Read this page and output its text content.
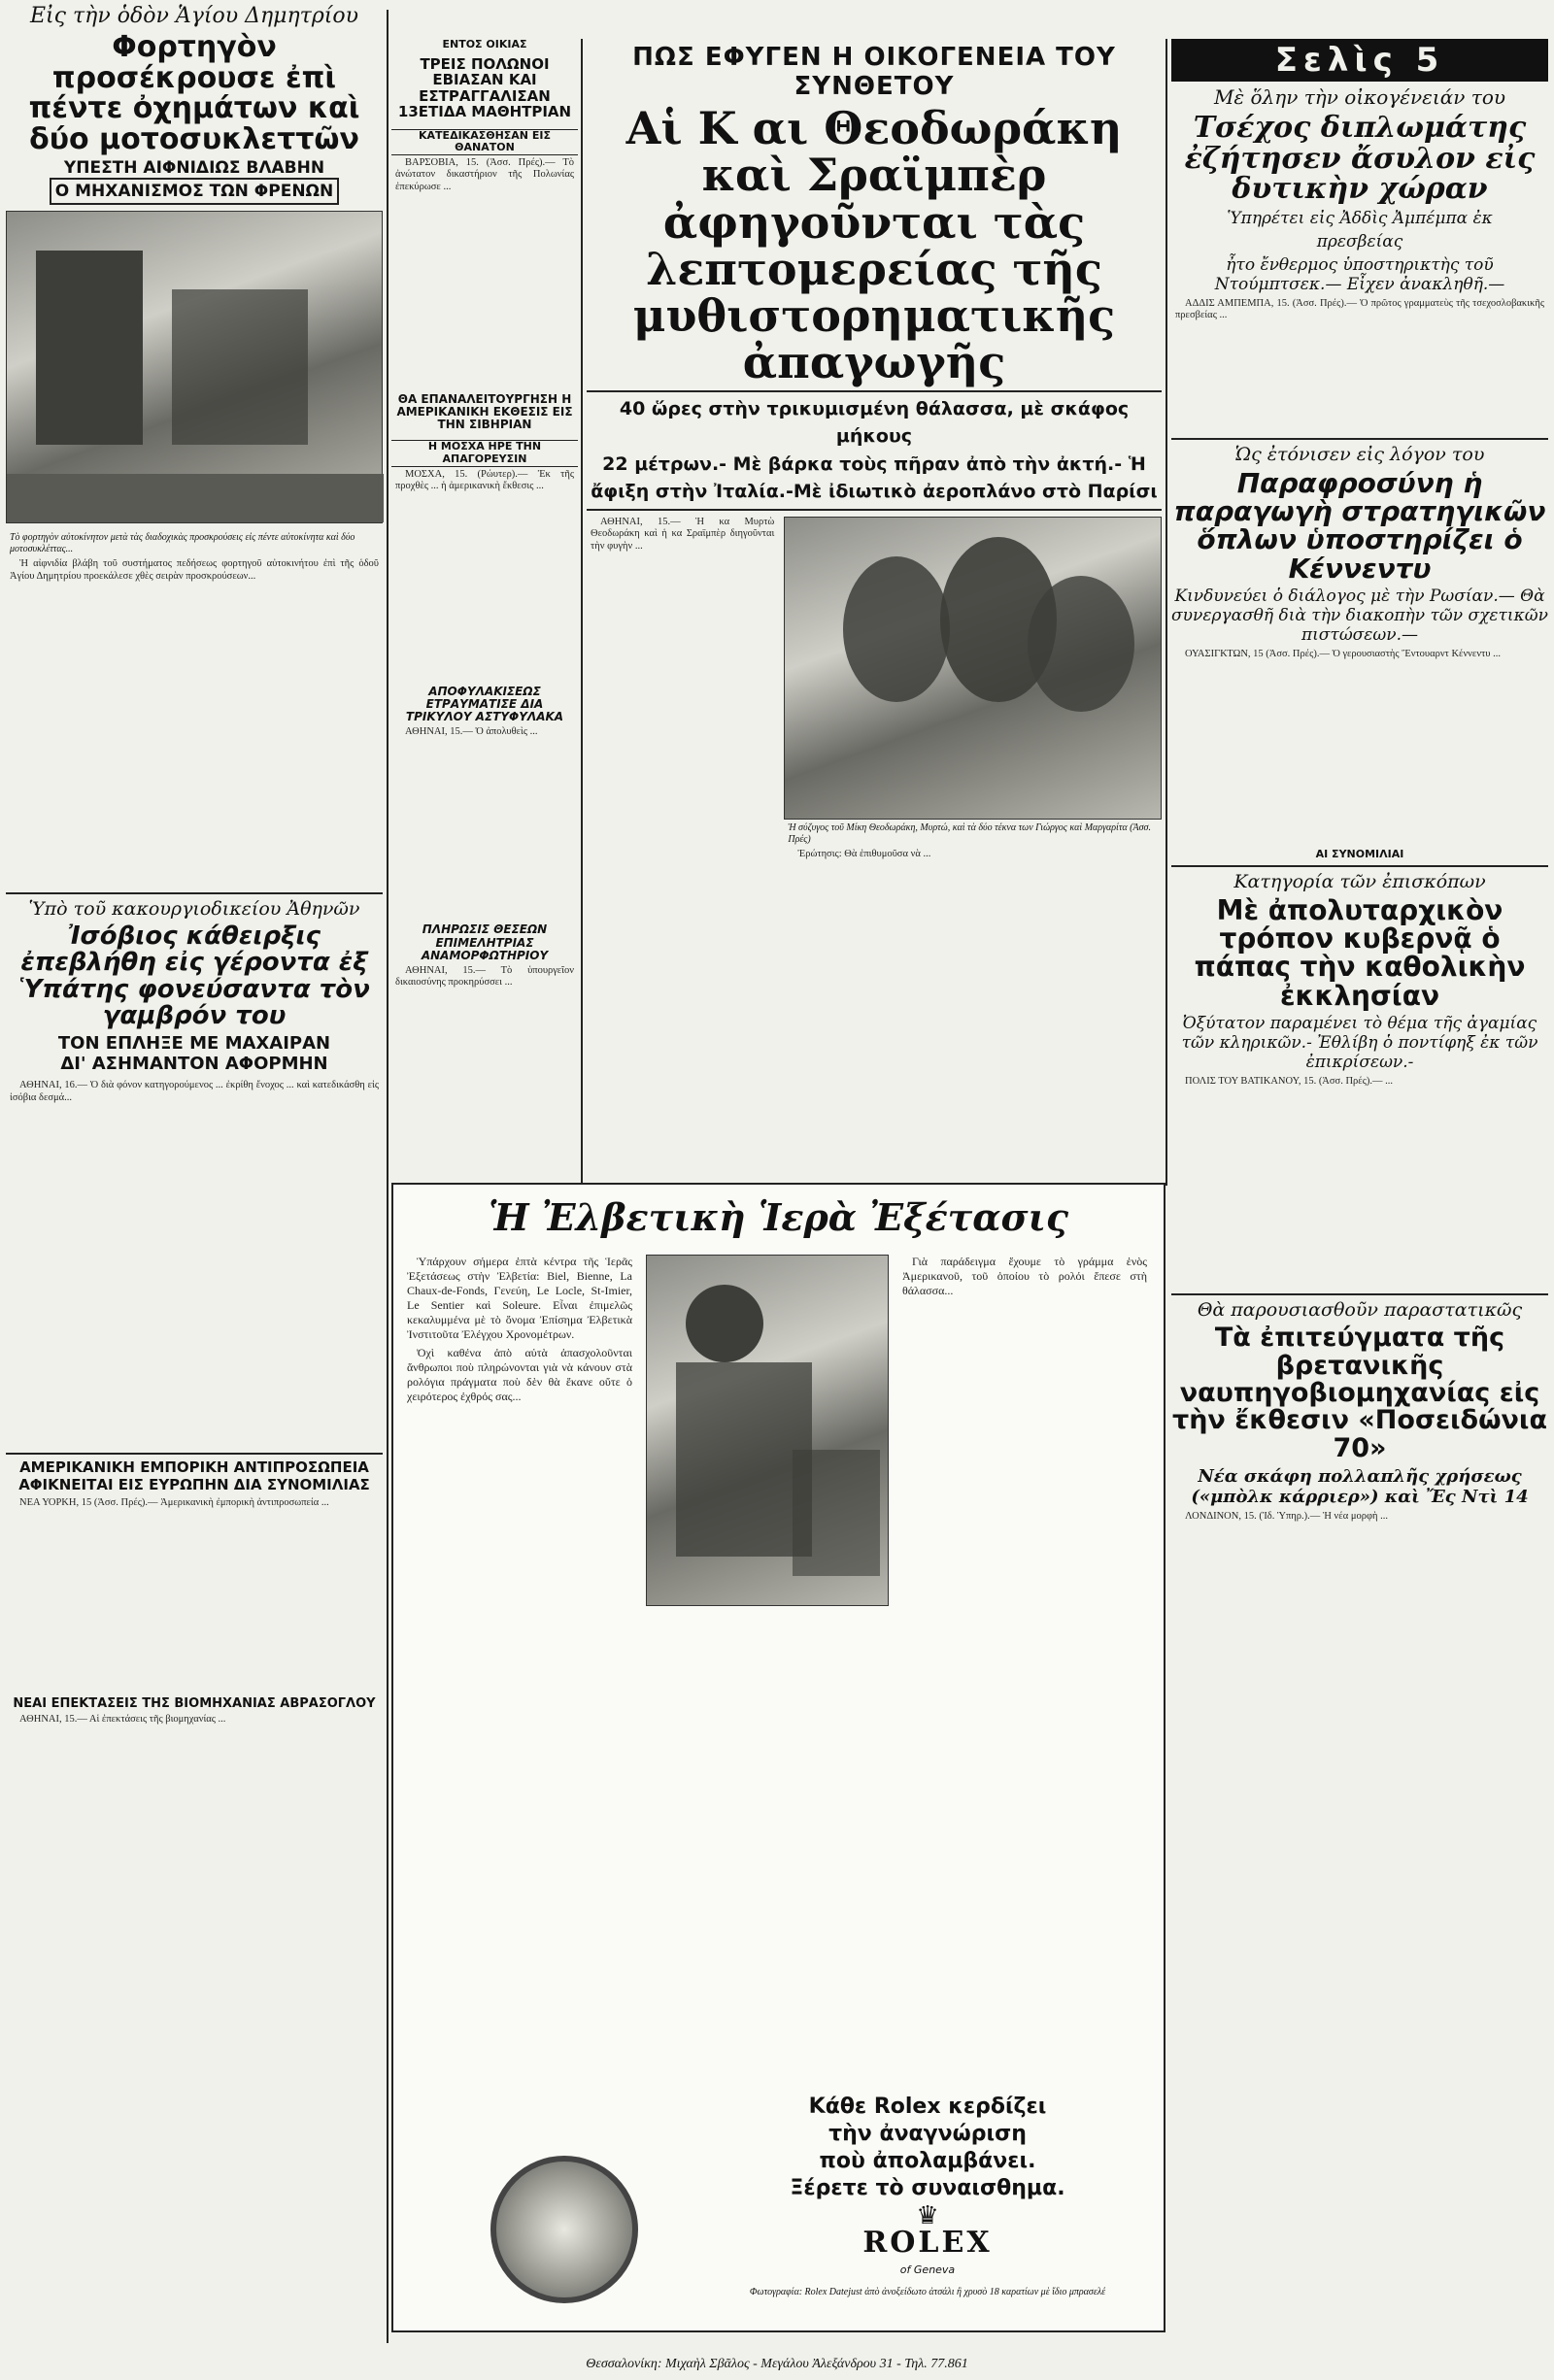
Εἰς τὴν ὁδὸν Ἁγίου Δημητρίου
Φορτηγὸν προσέκρουσε ἐπὶ πέντε ὀχημάτων καὶ δύο μοτοσυκλεττῶν
ΥΠΕΣΤΗ ΑΙΦΝΙΔΙΩΣ ΒΛΑΒΗΝ
Ο ΜΗΧΑΝΙΣΜΟΣ ΤΩΝ ΦΡΕΝΩΝ
Τὸ φορτηγὸν αὐτοκίνητον μετὰ τὰς διαδοχικὰς προσκρούσεις εἰς πέντε αὐτοκίνητα καὶ δύο μοτοσυκλέττας...

Ἡ αἰφνιδία βλάβη τοῦ συστήματος πεδήσεως φορτηγοῦ αὐτοκινήτου ἐπὶ τῆς ὁδοῦ Ἁγίου Δημητρίου προεκάλεσε χθὲς σειρὰν προσκρούσεων...

Ὑπὸ τοῦ κακουργιοδικείου Ἀθηνῶν
Ἰσόβιος κάθειρξις ἐπεβλήθη εἰς γέροντα ἐξ Ὑπάτης φονεύσαντα τὸν γαμβρόν του
ΤΟΝ ΕΠΛΗΞΕ ΜΕ ΜΑΧΑΙΡΑΝ
ΔΙ' ΑΣΗΜΑΝΤΟΝ ΑΦΟΡΜΗΝ

ΑΘΗΝΑΙ, 16.— Ὁ διὰ φόνον κατηγορούμενος ... ἐκρίθη ἔνοχος ... καὶ κατεδικάσθη εἰς ἰσόβια δεσμά...

ΑΜΕΡΙΚΑΝΙΚΗ ΕΜΠΟΡΙΚΗ ΑΝΤΙΠΡΟΣΩΠΕΙΑ ΑΦΙΚΝΕΙΤΑΙ ΕΙΣ ΕΥΡΩΠΗΝ ΔΙΑ ΣΥΝΟΜΙΛΙΑΣ

ΝΕΑ ΥΟΡΚΗ, 15 (Ἀσσ. Πρές).— Ἀμερικανικὴ ἐμπορικὴ ἀντιπροσωπεία ...

ΝΕΑΙ ΕΠΕΚΤΑΣΕΙΣ ΤΗΣ ΒΙΟΜΗΧΑΝΙΑΣ ΑΒΡΑΣΟΓΛΟΥ

ΑΘΗΝΑΙ, 15.— Αἱ ἐπεκτάσεις τῆς βιομηχανίας ...

ΕΝΤΟΣ ΟΙΚΙΑΣ
ΤΡΕΙΣ ΠΟΛΩΝΟΙ ΕΒΙΑΣΑΝ ΚΑΙ ΕΣΤΡΑΓΓΑΛΙΣΑΝ 13ΕΤΙΔΑ ΜΑΘΗΤΡΙΑΝ
ΚΑΤΕΔΙΚΑΣΘΗΣΑΝ ΕΙΣ ΘΑΝΑΤΟΝ

ΒΑΡΣΟΒΙΑ, 15. (Ἀσσ. Πρές).— Τὸ ἀνώτατον δικαστήριον τῆς Πολωνίας ἐπεκύρωσε ...

ΘΑ ΕΠΑΝΑΛΕΙΤΟΥΡΓΗΣΗ Η ΑΜΕΡΙΚΑΝΙΚΗ ΕΚΘΕΣΙΣ ΕΙΣ ΤΗΝ ΣΙΒΗΡΙΑΝ
Η ΜΟΣΧΑ ΗΡΕ ΤΗΝ ΑΠΑΓΟΡΕΥΣΙΝ

ΜΟΣΧΑ, 15. (Ρώυτερ).— Ἐκ τῆς προχθὲς ... ἡ ἀμερικανικὴ ἔκθεσις ...

ΑΠΟΦΥΛΑΚΙΣΕΩΣ ΕΤΡΑΥΜΑΤΙΣΕ ΔΙΑ ΤΡΙΚΥΛΟΥ ΑΣΤΥΦΥΛΑΚΑ

ΑΘΗΝΑΙ, 15.— Ὁ ἀπολυθεὶς ...

ΠΛΗΡΩΣΙΣ ΘΕΣΕΩΝ ΕΠΙΜΕΛΗΤΡΙΑΣ ΑΝΑΜΟΡΦΩΤΗΡΙΟΥ

ΑΘΗΝΑΙ, 15.— Τὸ ὑπουργεῖον δικαιοσύνης προκηρύσσει ...

ΠΩΣ ΕΦΥΓΕΝ Η ΟΙΚΟΓΕΝΕΙΑ ΤΟΥ ΣΥΝΘΕΤΟΥ
Αἱ Κ αι Θεοδωράκη καὶ Σραϊμπὲρ ἀφηγοῦνται τὰς λεπτομερείας τῆς μυθιστορηματικῆς ἀπαγωγῆς
40 ὥρες στὴν τρικυμισμένη θάλασσα, μὲ σκάφος μήκους
22 μέτρων.- Μὲ βάρκα τοὺς πῆραν ἀπὸ τὴν ἀκτή.- Ἡ
ἄφιξη στὴν Ἰταλία.-Μὲ ἰδιωτικὸ ἀεροπλάνο στὸ Παρίσι

ΑΘΗΝΑΙ, 15.— Ἡ κα Μυρτὼ Θεοδωράκη καὶ ἡ κα Σραϊμπὲρ διηγοῦνται τὴν φυγὴν ...

Ἡ σύζυγος τοῦ Μίκη Θεοδωράκη, Μυρτώ, καὶ τὰ δύο τέκνα των Γιώργος καὶ Μαργαρίτα (Ἀσσ. Πρές)

Ἐρώτησις: Θὰ ἐπιθυμοῦσα νὰ ...

Σελὶς 5
Μὲ ὅλην τὴν οἰκογένειάν του
Τσέχος διπλωμάτης ἐζήτησεν ἄσυλον εἰς δυτικὴν χώραν
Ὑπηρέτει εἰς Ἀδδὶς Ἀμπέμπα ἐκ
πρεσβείας
ἦτο ἔνθερμος ὑποστηρικτὴς τοῦ Ντούμπτσεκ.— Εἶχεν ἀνακληθῆ.—

ΑΔΔΙΣ ΑΜΠΕΜΠΑ, 15. (Ἀσσ. Πρές).— Ὁ πρῶτος γραμματεὺς τῆς τσεχοσλοβακικῆς πρεσβείας ...

Ὡς ἐτόνισεν εἰς λόγον του
Παραφροσύνη ἡ παραγωγὴ στρατηγικῶν ὅπλων ὑποστηρίζει ὁ Κέννεντυ
Κινδυνεύει ὁ διάλογος μὲ τὴν Ρωσίαν.— Θὰ συνεργασθῆ διὰ τὴν διακοπὴν τῶν σχετικῶν πιστώσεων.—

ΟΥΑΣΙΓΚΤΩΝ, 15 (Ἀσσ. Πρές).— Ὁ γερουσιαστὴς Ἔντουαρντ Κέννεντυ ...

ΑΙ ΣΥΝΟΜΙΛΙΑΙ
Κατηγορία τῶν ἐπισκόπων
Μὲ ἀπολυταρχικὸν τρόπον κυβερνᾷ ὁ πάπας τὴν καθολικὴν ἐκκλησίαν
Ὀξύτατον παραμένει τὸ θέμα τῆς ἀγαμίας τῶν κληρικῶν.- Ἐθλίβη ὁ ποντίφηξ ἐκ τῶν ἐπικρίσεων.-

ΠΟΛΙΣ ΤΟΥ ΒΑΤΙΚΑΝΟΥ, 15. (Ἀσσ. Πρές).— ...

Θὰ παρουσιασθοῦν παραστατικῶς
Τὰ ἐπιτεύγματα τῆς βρετανικῆς ναυπηγοβιομηχανίας εἰς τὴν ἔκθεσιν «Ποσειδώνια 70»
Νέα σκάφη πολλαπλῆς χρήσεως («μπὸλκ κάρριερ») καὶ Ἔς Ντὶ 14

ΛΟΝΔΙΝΟΝ, 15. (Ἰδ. Ὑπηρ.).— Ἡ νέα μορφὴ ...

Ἡ Ἐλβετικὴ Ἱερὰ Ἐξέτασις

Ὑπάρχουν σήμερα ἑπτὰ κέντρα τῆς Ἱερᾶς Ἐξετάσεως στὴν Ἐλβετία: Biel, Bienne, La Chaux-de-Fonds, Γενεύη, Le Locle, St-Imier, Le Sentier καὶ Soleure. Εἶναι ἐπιμελῶς κεκαλυμμένα μὲ τὸ ὄνομα Ἐπίσημα Ἐλβετικὰ Ἰνστιτοῦτα Ἐλέγχου Χρονομέτρων.

Ὀχὶ καθένα ἀπὸ αὐτὰ ἀπασχολοῦνται ἄνθρωποι ποὺ πληρώνονται γιὰ νὰ κάνουν στὰ ρολόγια πράγματα ποὺ δὲν θὰ ἔκανε οὔτε ὁ χειρότερος ἐχθρός σας...

Γιὰ παράδειγμα ἔχουμε τὸ γράμμα ἑνὸς Ἀμερικανοῦ, τοῦ ὁποίου τὸ ρολόι ἔπεσε στὴ θάλασσα...

Κάθε Rolex κερδίζει
τὴν ἀναγνώριση
ποὺ ἀπολαμβάνει.
Ξέρετε τὸ συναισθημα.
♛
ROLEX
of Geneva
Φωτογραφία: Rolex Datejust ἀπὸ ἀνοξείδωτο ἀτσάλι ἢ χρυσὸ 18 καρατίων μὲ ἴδιο μπρασελέ
Θεσσαλονίκη: Μιχαὴλ Σβᾶλος - Μεγάλου Ἀλεξάνδρου 31 - Τηλ. 77.861
